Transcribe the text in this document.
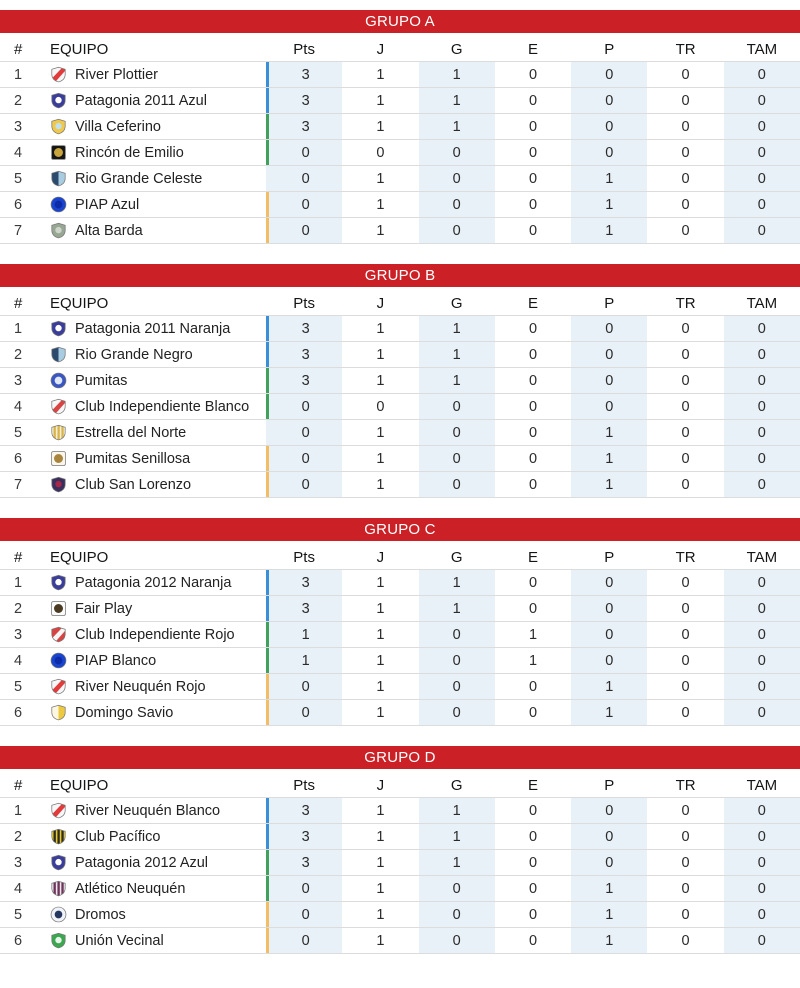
GRUPO A
#	EQUIPO	Pts	J	G	E	P	TR	TAM
1	River Plottier	3	1	1	0	0	0	0
2	Patagonia 2011 Azul	3	1	1	0	0	0	0
3	Villa Ceferino	3	1	1	0	0	0	0
4	Rincón de Emilio	0	0	0	0	0	0	0
5	Rio Grande Celeste	0	1	0	0	1	0	0
6	PIAP Azul	0	1	0	0	1	0	0
7	Alta Barda	0	1	0	0	1	0	0
GRUPO B
#	EQUIPO	Pts	J	G	E	P	TR	TAM
1	Patagonia 2011 Naranja	3	1	1	0	0	0	0
2	Rio Grande Negro	3	1	1	0	0	0	0
3	Pumitas	3	1	1	0	0	0	0
4	Club Independiente Blanco	0	0	0	0	0	0	0
5	Estrella del Norte	0	1	0	0	1	0	0
6	Pumitas Senillosa	0	1	0	0	1	0	0
7	Club San Lorenzo	0	1	0	0	1	0	0
GRUPO C
#	EQUIPO	Pts	J	G	E	P	TR	TAM
1	Patagonia 2012 Naranja	3	1	1	0	0	0	0
2	Fair Play	3	1	1	0	0	0	0
3	Club Independiente Rojo	1	1	0	1	0	0	0
4	PIAP Blanco	1	1	0	1	0	0	0
5	River Neuquén Rojo	0	1	0	0	1	0	0
6	Domingo Savio	0	1	0	0	1	0	0
GRUPO D
#	EQUIPO	Pts	J	G	E	P	TR	TAM
1	River Neuquén Blanco	3	1	1	0	0	0	0
2	Club Pacífico	3	1	1	0	0	0	0
3	Patagonia 2012 Azul	3	1	1	0	0	0	0
4	Atlético Neuquén	0	1	0	0	1	0	0
5	Dromos	0	1	0	0	1	0	0
6	Unión Vecinal	0	1	0	0	1	0	0
